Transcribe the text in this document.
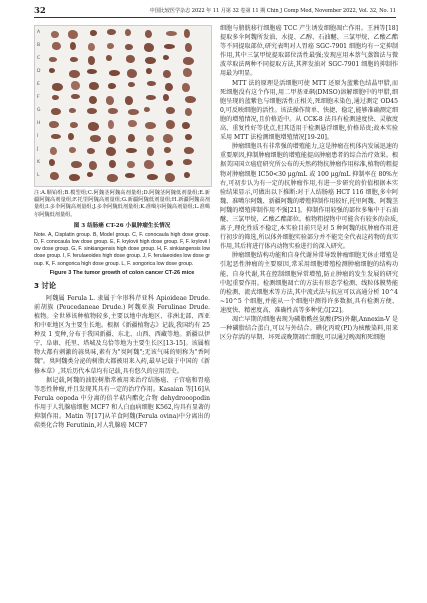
32	中国比较医学杂志 2022 年 11 月第 32 卷第 11 期 Chin J Comp Med, November 2022, Vol. 32, No. 11
A
B
C
D
E
F
G
H
I
J
K
L

注:A.顺铂组;B.模型组;C.阿魏茎阿魏高剂量组;D.阿魏茎阿魏低剂量组;E.新疆阿魏高剂量组;F.托里阿魏高剂量组;G.新疆阿魏低剂量组;H.新疆阿魏高剂量组;I.多伞阿魏高剂量组;J.多伞阿魏低剂量组;K.准噶尔阿魏高剂量组;L.准噶尔阿魏低剂量组。

图 3 结肠癌 CT-26 小鼠肿瘤生长情况

Note. A, Cisplatin group. B, Model group. C, F. conocaula high dose group. D, F. conocaula low dose group. E, F. krylovii high dose group. F, F. krylovii low dose group. G, F. sinkiangensis high dose group. H, F. sinkiangensis low dose group. I, F. ferulaeoides high dose group. J, F. ferulaeoides low dose group. K, F. songorica high dose group. L, F. songorica low dose group.

Figure 3 The tumor growth of colon cancer CT-26 mice

3 讨论

阿魏属 Ferula L. 隶属于伞形科芹亚科 Apioideae Drude. 前胡族 (Peucedaneae Drude.) 阿魏亚族 Ferulinae Drude. 植物。全世界该种植物较多,主要以地中海地区、非洲北部、西亚和中亚地区为主要生长地。根据《新疆植物志》记载,我国约有 25 种及 1 变种,分布于我国新疆、东北、山西、西藏等地。新疆以伊宁、阜康、托里、塔城及乌恰等地为主要生长区[13-15]。该属植物大都有刺激的蒜臭味,素有为"臭阿魏";无该气味的则称为"香阿魏"。臭阿魏类分泌的树脂大都被用来入药,最早记载于中国的《新修本草》,其后历代本草均有记载,具有悠久的应用历史。

据记载,阿魏的油胶树脂常被用来治疗结肠癌、子宫癌和胃癌等恶性肿瘤,并且发现其具有一定的治疗作用。Kasaian 等[16]从 Ferula oopoda 中分离的倍半萜内酯化合物 dehydrooopodin 作用于人乳腺癌细胞 MCF7 和人白血病细胞 K562,均具有显著的抑制作用。Matin 等[17]从羊食阿魏(Ferula ovina)中分离出的萜类化合物 Ferutinin,对人乳腺癌 MCF7

细胞与膀胱移行细胞癌 TCC 产生诱发细胞凋亡作用。王洲等[18]提取多伞阿魏所发油、水提、乙醇、石油醚、三氯甲烷、乙酸乙酯等不同提取部位,研究表明对人胃癌 SGC-7901 细胞均有一定抑制作用,其中三氯甲烷提取部位活性最强;发现应用本萘气蒸馏法与微波萃取法两种不同提取方法,其挥发油对 SGC-7901 细胞的抑制作用最为明显。

MTT 法的原理是活细胞可使 MTT 还原为蓝紫色结晶甲腊,而死细胞没有这个作用,用二甲基亚砜(DMSO)溶解细胞中的甲腊,细胞呈现的蓝紫色与细胞活性正相关,死细胞未染色,通过测定 OD450,可反映细胞的活性。该法操作简单、快捷、稳定,能够准确测定细胞的增殖情况,且价格适中。从 CCK-8 法具有检测速度快、灵敏度高、重复性好等优点,但其适用于检测悬浮细胞,价格昂贵;故本实验采用 MTT 法检测细胞增殖情况[19-20]。

肿瘤细胞具有非常强的增殖能力,这是肿瘤在机体内发展迅速的重要原因,抑制肿瘤细胞的增殖能提高肿瘤患者的综合治疗效果。根据美国国立癌症研究所公布的天然药物抗肿瘤作用标准,植物的粗提物对肿瘤细胞 IC50<30 μg/mL 或 100 μg/mL 抑制率在 80%左右,可初步认为有一定的抗肿瘤作用,有进一步研究的价值根据本实验结果显示,可做出以下推断:对于人结肠癌 HCT 116 细胞,多伞阿魏、准噶尔阿魏、新疆阿魏的增殖抑制作用较好,托里阿魏、阿魏茎阿魏的增殖抑制作用不强[21]。抑制作用较强的部位多集中于石油醚、三氯甲烷、乙酸乙酯部位。植物粗提物中可能含有较多的杂质,离子,理化性质不稳定,本实验目前只是对 5 种阿魏的抗肿瘤作用进行初步的筛选,所以体外细胞实验部分并不能完全代表这药物的真实作用,其后将进行体内动物实验进行的深入研究。

肿瘤细胞结构功能和自身代谢异常导致肿瘤细胞无休止增殖是引起恶性肿瘤的主要原因,常采用细胞增殖检测肿瘤细胞的结构功能、自身代谢,其在控制细胞异常增殖,防止肿瘤的发生发展的研究中起重要作用。检测细胞凋亡的方法有形态学检测、线粒体膜势能的检测、流式细胞术等方法,其中流式法与抗应可以高通分析 10^4~10^5 个细胞,并能从一个细胞中测得许多数据,具有检测方便、速度快、精密度高、准确性高等多种优点[22]。

凋亡早期的细胞表现为磷脂酰丝氨酸(PS)外翻,Annexin-V 是一种磷脂结合蛋白,可以与外结合。碘化丙啶(PI)为核酸染料,用来区分存活的早期、坏死或晚期凋亡细胞,可以通过晚凋和死细胞
